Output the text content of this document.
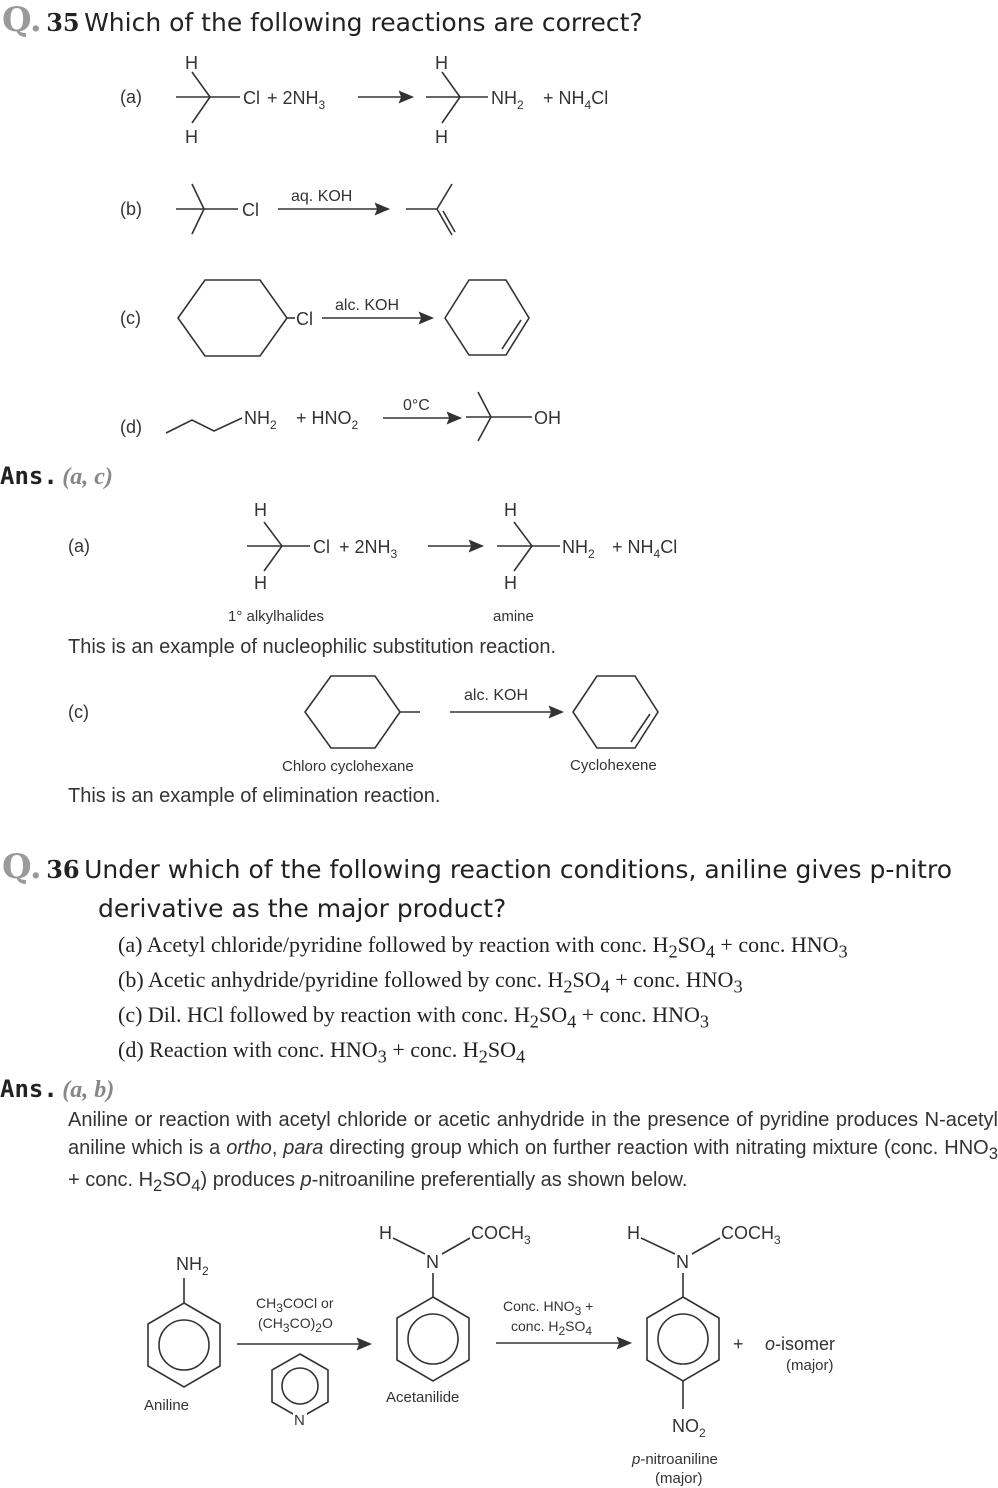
Q. 35 Which of the following reactions are correct?
(a)
(b)
(c)
(d)
H
H
$Cl + 2NH_3$
H
H
$NH_2 + NH_4Cl$
Cl
aq. KOH
Cl
alc. KOH
$NH_2 + HNO_2$
0°C
OH
Ans. (a, c)
(a)
H
H
$Cl + 2NH_3$
H
H
$NH_2 + NH_4Cl$
1° alkylhalides	amine
(c)
alc. KOH
Chloro cyclohexane	Cyclohexene
This is an example of nucleophilic substitution reaction.
This is an example of elimination reaction.
Q. 36 Under which of the following reaction conditions, aniline gives p-nitro
derivative as the major product?
(a) Acetyl chloride/pyridine followed by reaction with conc. $H_2SO_4$ + conc. $HNO_3$
(b) Acetic anhydride/pyridine followed by conc. $H_2SO_4$ + conc. $HNO_3$
(c) Dil. HCl followed by reaction with conc. $H_2SO_4$ + conc. $HNO_3$
(d) Reaction with conc. $HNO_3$ + conc. $H_2SO_4$
Ans. (a, b)
Aniline or reaction with acetyl chloride or acetic anhydride in the presence of pyridine produces N-acetyl aniline which is a ortho, para directing group which on further reaction with nitrating mixture (conc. $HNO_3$ + conc. $H_2SO_4$) produces p-nitroaniline preferentially as shown below.
$NH_2$
Aniline
CH3COCl or
(CH3CO)2O
N
H
N
$COCH_3$
Acetanilide
Conc. HNO3 +
conc. H2SO4
H
N
$COCH_3$
$NO_2$
p-nitroaniline
(major)
+ o-isomer
(major)
